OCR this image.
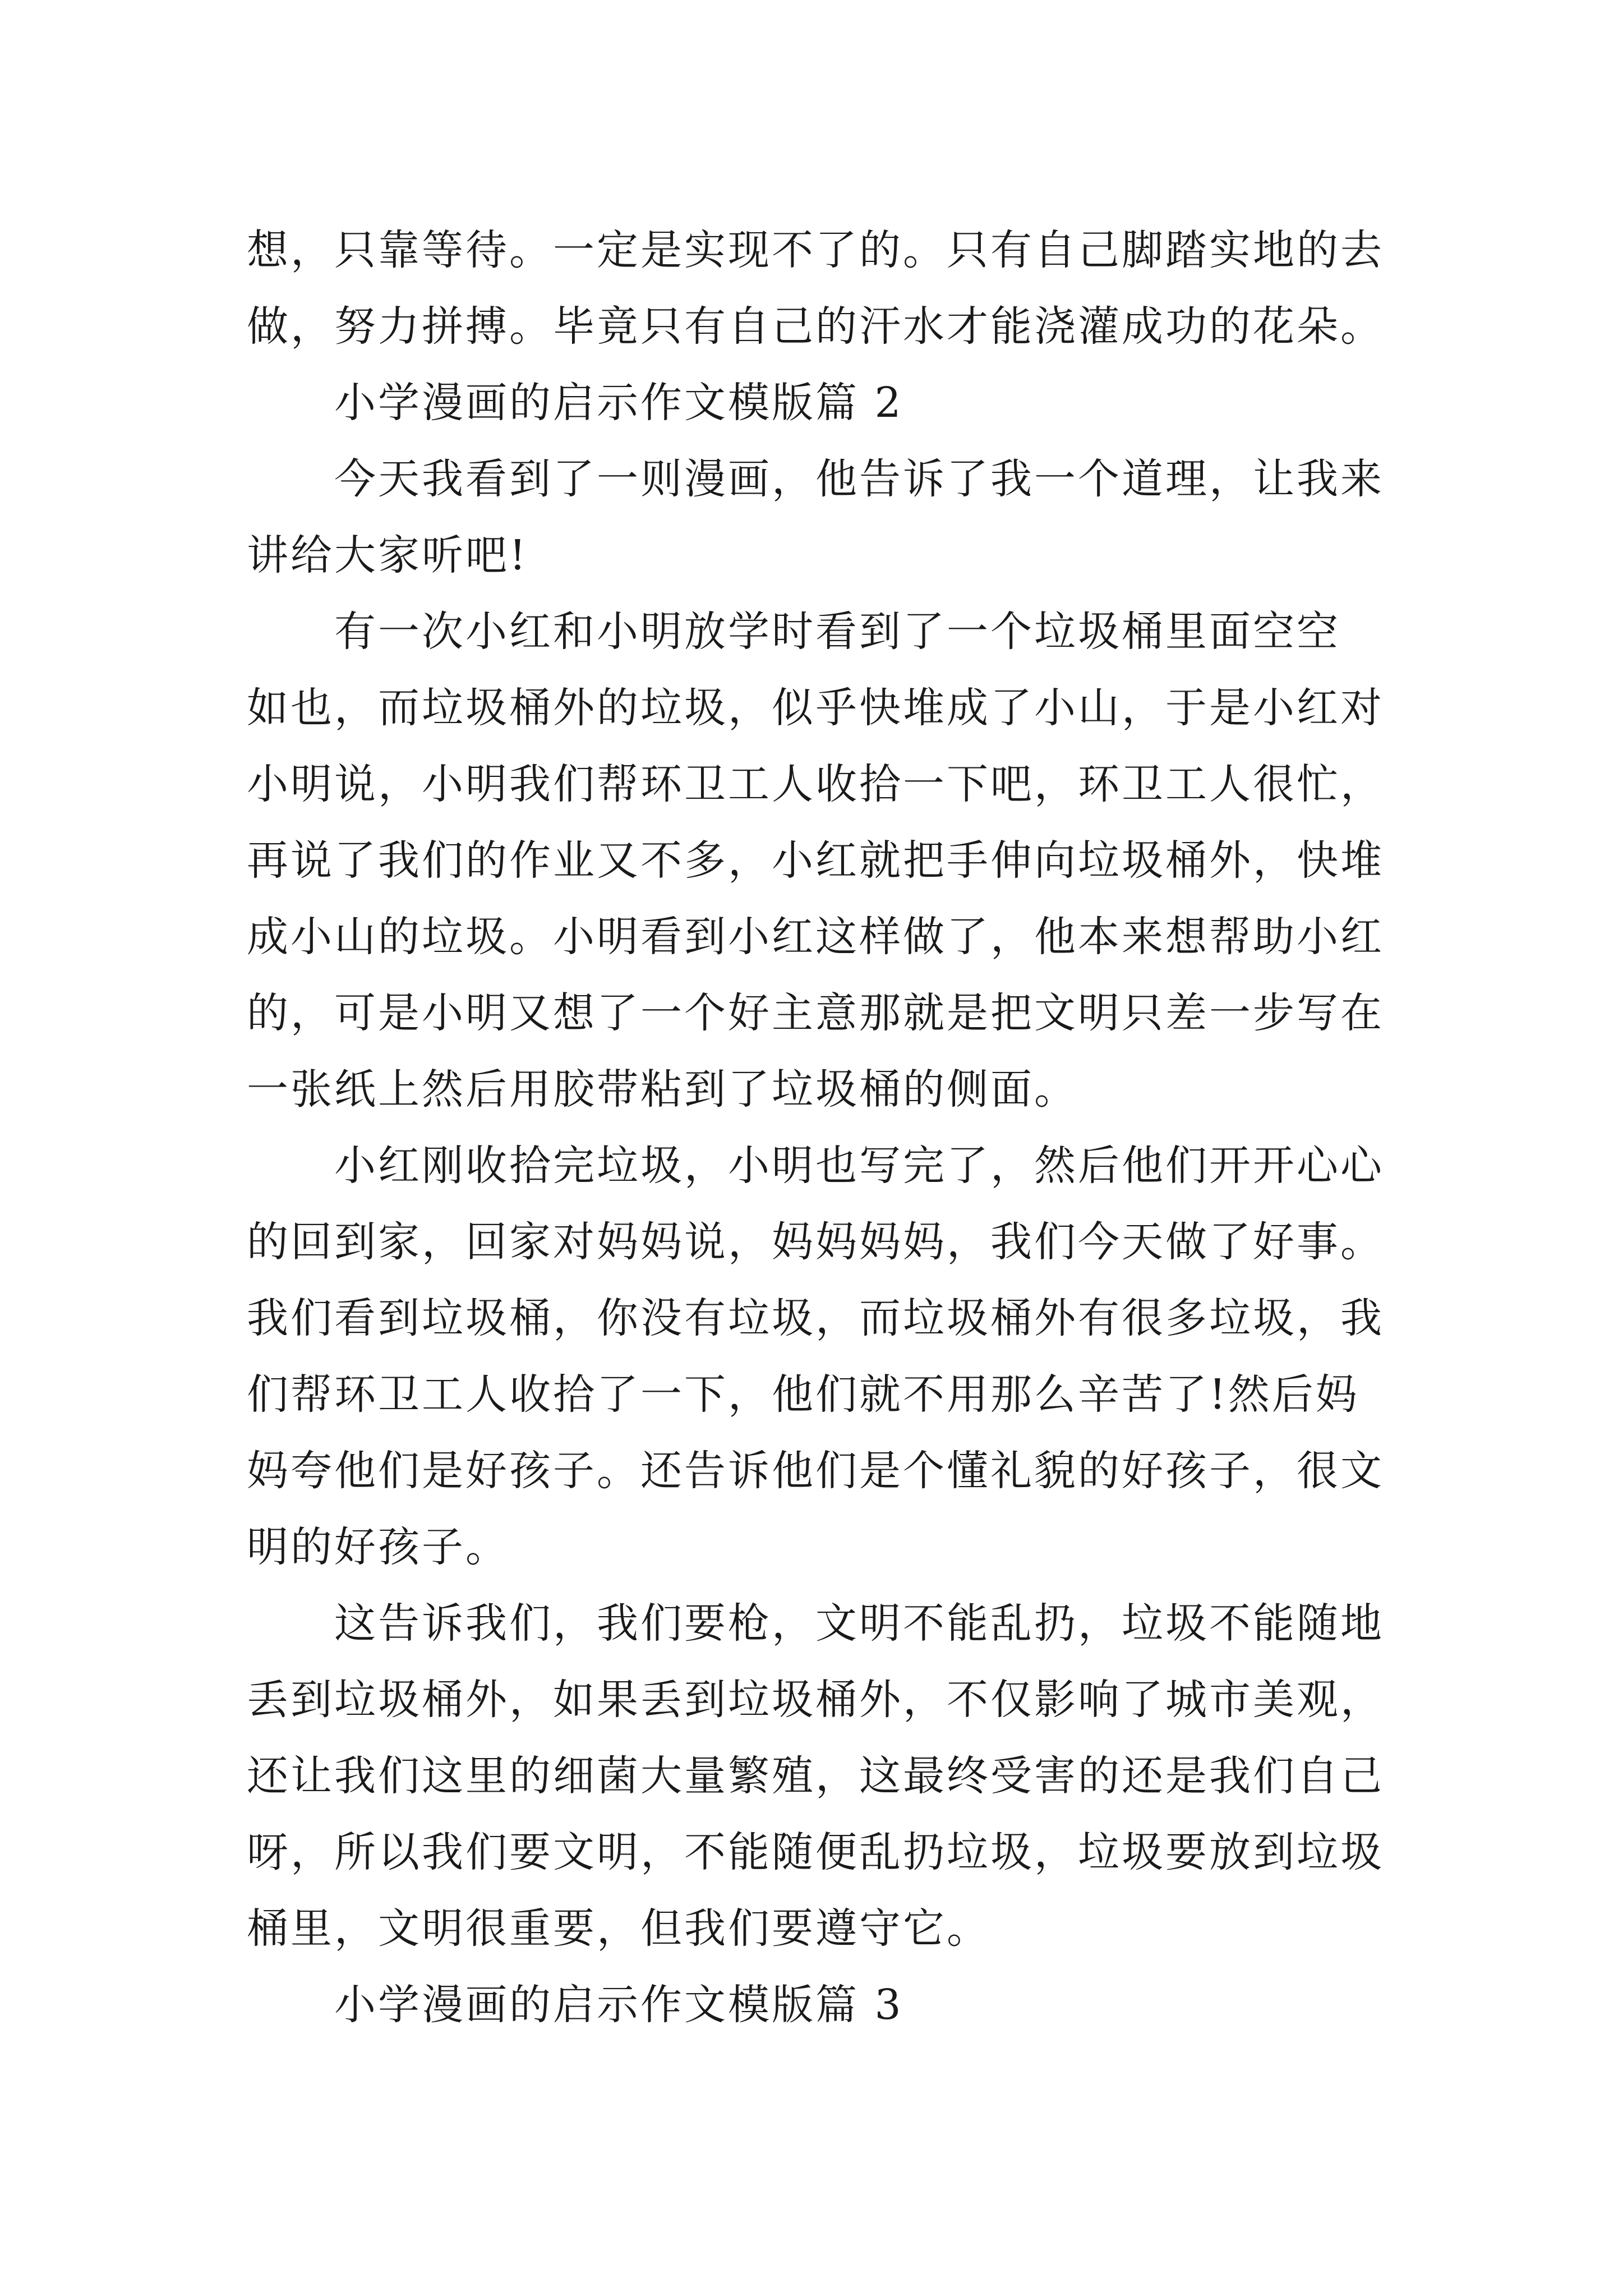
想，只靠等待。一定是实现不了的。只有自己脚踏实地的去
做，努力拼搏。毕竟只有自己的汗水才能浇灌成功的花朵。
　　小学漫画的启示作文模版篇 2
　　今天我看到了一则漫画，他告诉了我一个道理，让我来
讲给大家听吧!
　　有一次小红和小明放学时看到了一个垃圾桶里面空空
如也，而垃圾桶外的垃圾，似乎快堆成了小山，于是小红对
小明说，小明我们帮环卫工人收拾一下吧，环卫工人很忙，
再说了我们的作业又不多，小红就把手伸向垃圾桶外，快堆
成小山的垃圾。小明看到小红这样做了，他本来想帮助小红
的，可是小明又想了一个好主意那就是把文明只差一步写在
一张纸上然后用胶带粘到了垃圾桶的侧面。
　　小红刚收拾完垃圾，小明也写完了，然后他们开开心心
的回到家，回家对妈妈说，妈妈妈妈，我们今天做了好事。
我们看到垃圾桶，你没有垃圾，而垃圾桶外有很多垃圾，我
们帮环卫工人收拾了一下，他们就不用那么辛苦了!然后妈
妈夸他们是好孩子。还告诉他们是个懂礼貌的好孩子，很文
明的好孩子。
　　这告诉我们，我们要枪，文明不能乱扔，垃圾不能随地
丢到垃圾桶外，如果丢到垃圾桶外，不仅影响了城市美观，
还让我们这里的细菌大量繁殖，这最终受害的还是我们自己
呀，所以我们要文明，不能随便乱扔垃圾，垃圾要放到垃圾
桶里，文明很重要，但我们要遵守它。
　　小学漫画的启示作文模版篇 3
